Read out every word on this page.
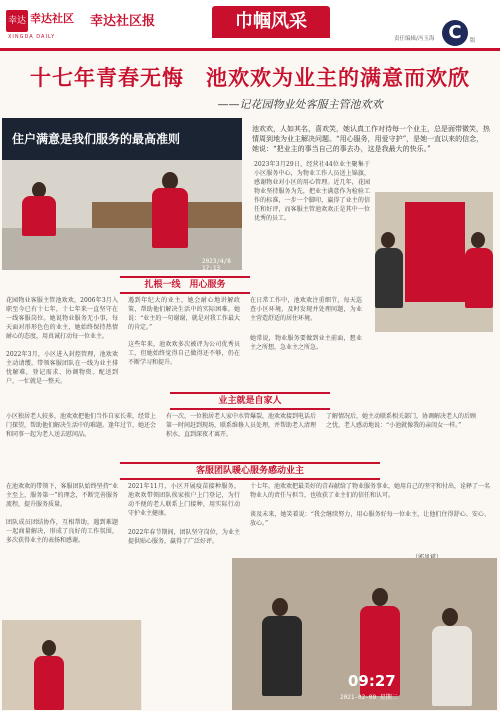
幸达 幸达社区
XINGDA DAILY
幸达社区报	巾帼风采
责任编辑/冯玉海 C	版
十七年青春无悔　池欢欢为业主的满意而欢欣
——记花园物业处客服主管池欢欢
住户满意是我们服务的最高准则
2023/4/8 17:13
池欢欢，人如其名，喜欢笑，她认真工作对待每一个业主，总是面带微笑，热情周到地为业主解决问题。“用心服务，用爱守护”，是她一直以来的信念，她说：“把业主的事当自己的事去办，这是我最大的快乐。”
2023年3月29日，经营社44位业主聚集于小区服务中心，为物业工作人员送上锦旗，感谢物业对小区的用心管理。近几年，花园物业坚持服务为先，把业主满意作为检验工作的标准，一步一个脚印，赢得了业主的信任和好评，而客服主管池欢欢正是其中一位优秀的员工。
扎根一线　用心服务
花园物业客服主管池欢欢，2006年3月入职至今已有十七年，十七年来一直坚守在一线客服岗位。她说物业服务无小事，每天面对形形色色的业主，她始终保持热情耐心的态度，用真诚打动每一位业主。
2022年3月，小区进入封控管理，池欢欢主动请缨，带领客服团队在一线为业主排忧解难，登记需求、协调物资、配送到户，一忙就是一整天。
遇到年纪大的业主，她会耐心地讲解政策，帮助他们解决生活中的实际困难。她说：“业主的一句谢谢，就是对我工作最大的肯定。”
这些年来，池欢欢多次被评为公司优秀员工，但她始终觉得自己做得还不够，仍在不断学习和提升。
在日常工作中，池欢欢注重细节，每天巡查小区环境，及时发现并处理问题，为业主营造舒适的居住环境。
她常说，物业服务要做到业主前面，想业主之所想，急业主之所急。
业主就是自家人
小区独居老人较多，池欢欢把他们当作自家长辈，经常上门探望，帮助他们解决生活中的难题。逢年过节，她还会和同事一起为老人送去慰问品。
有一次，一位独居老人家中水管爆裂，池欢欢接到电话后第一时间赶到现场，联系维修人员处理，并帮助老人清理积水，直到深夜才离开。
了解情况后，她主动联系相关部门，协调解决老人的后顾之忧，老人感动地说：“小池就像我的亲闺女一样。”
客服团队暖心服务感动业主
在池欢欢的带领下，客服团队始终坚持“业主至上，服务第一”的理念，不断完善服务流程，提升服务质量。
团队成员团结协作，互相帮助，遇到难题一起商量解决，形成了良好的工作氛围，多次获得业主的表扬和感谢。
2021年11月，小区开展疫苗接种服务，池欢欢带领团队挨家挨户上门登记，为行动不便的老人联系上门接种，用实际行动守护业主健康。
2022年春节期间，团队坚守岗位，为业主提供贴心服务，赢得了广泛好评。
十七年，池欢欢把最美好的青春献给了物业服务事业，她用自己的坚守和付出，诠释了一名物业人的责任与担当，也收获了业主们的信任和认可。
谈及未来，她笑着说：“我会继续努力，用心服务好每一位业主，让他们住得舒心、安心、放心。”
09:27
2021-02-09 星期二
